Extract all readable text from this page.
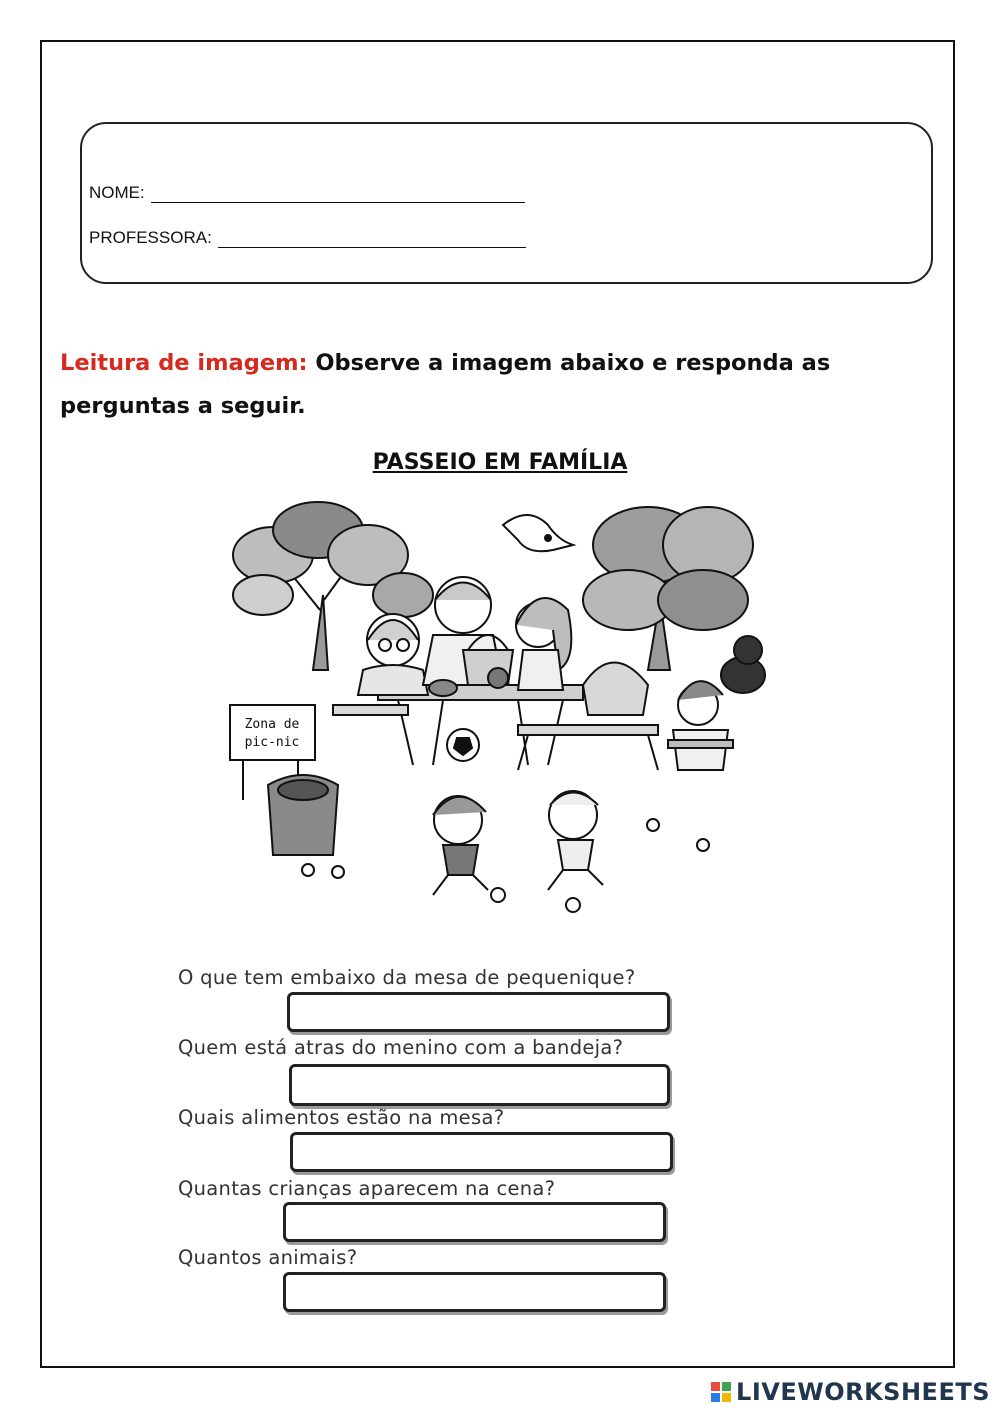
NOME:
PROFESSORA:
Leitura de imagem: Observe a imagem abaixo e responda as perguntas a seguir.
PASSEIO EM FAMÍLIA
Zona de
pic-nic
O que tem embaixo da mesa de pequenique?
Quem está atras do menino com a bandeja?
Quais alimentos estão na mesa?
Quantas crianças aparecem na cena?
Quantos animais?
LIVEWORKSHEETS
